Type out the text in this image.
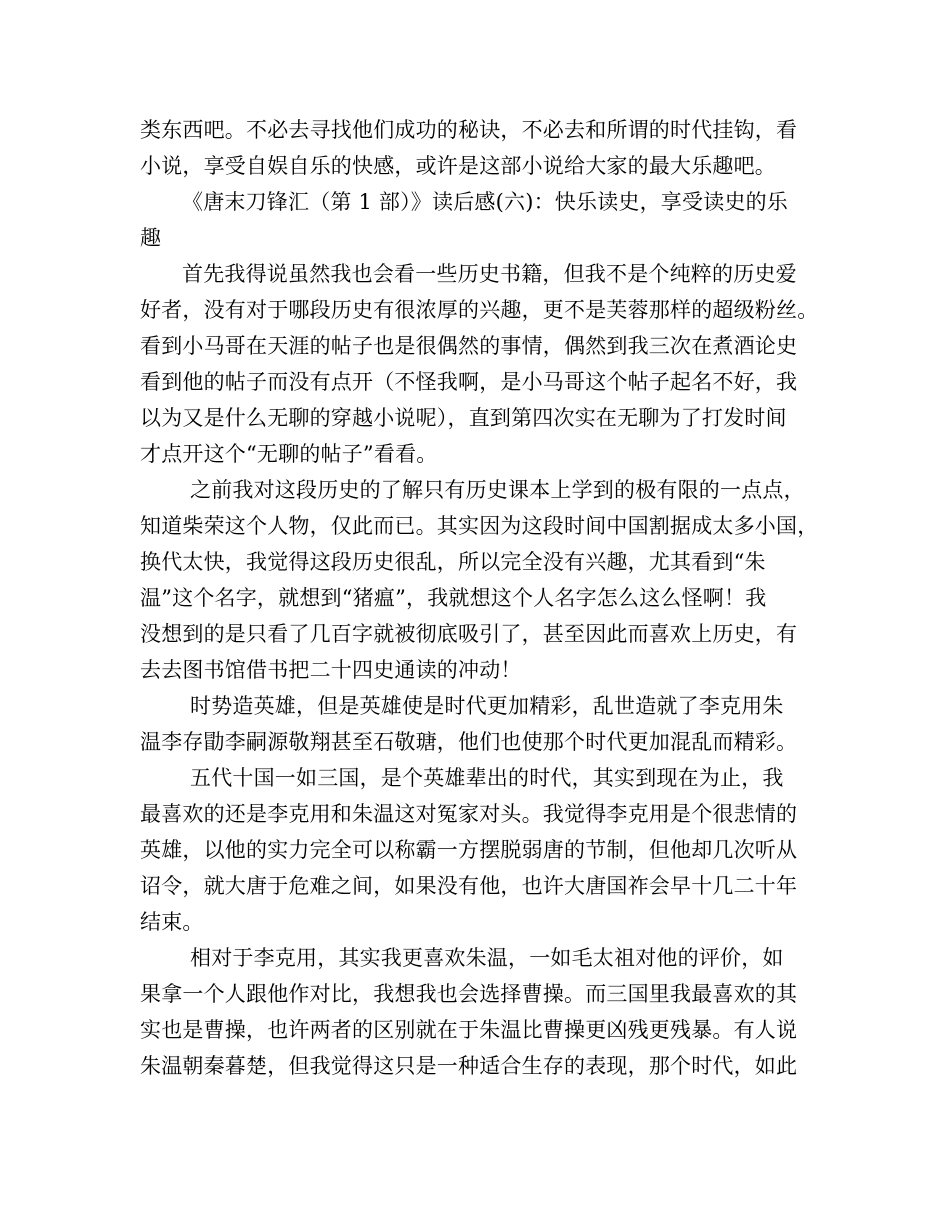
类东西吧。不必去寻找他们成功的秘诀，不必去和所谓的时代挂钩，看
小说，享受自娱自乐的快感，或许是这部小说给大家的最大乐趣吧。
《唐末刀锋汇（第 1 部）》读后感(六)：快乐读史，享受读史的乐
趣
首先我得说虽然我也会看一些历史书籍，但我不是个纯粹的历史爱
好者，没有对于哪段历史有很浓厚的兴趣，更不是芙蓉那样的超级粉丝。
看到小马哥在天涯的帖子也是很偶然的事情，偶然到我三次在煮酒论史
看到他的帖子而没有点开（不怪我啊，是小马哥这个帖子起名不好，我
以为又是什么无聊的穿越小说呢），直到第四次实在无聊为了打发时间
才点开这个“无聊的帖子”看看。
之前我对这段历史的了解只有历史课本上学到的极有限的一点点，
知道柴荣这个人物，仅此而已。其实因为这段时间中国割据成太多小国，
换代太快，我觉得这段历史很乱，所以完全没有兴趣，尤其看到“朱
温”这个名字，就想到“猪瘟”，我就想这个人名字怎么这么怪啊！我
没想到的是只看了几百字就被彻底吸引了，甚至因此而喜欢上历史，有
去去图书馆借书把二十四史通读的冲动！
时势造英雄，但是英雄使是时代更加精彩，乱世造就了李克用朱
温李存勖李嗣源敬翔甚至石敬瑭，他们也使那个时代更加混乱而精彩。
五代十国一如三国，是个英雄辈出的时代，其实到现在为止，我
最喜欢的还是李克用和朱温这对冤家对头。我觉得李克用是个很悲情的
英雄，以他的实力完全可以称霸一方摆脱弱唐的节制，但他却几次听从
诏令，就大唐于危难之间，如果没有他，也许大唐国祚会早十几二十年
结束。
相对于李克用，其实我更喜欢朱温，一如毛太祖对他的评价，如
果拿一个人跟他作对比，我想我也会选择曹操。而三国里我最喜欢的其
实也是曹操，也许两者的区别就在于朱温比曹操更凶残更残暴。有人说
朱温朝秦暮楚，但我觉得这只是一种适合生存的表现，那个时代，如此
